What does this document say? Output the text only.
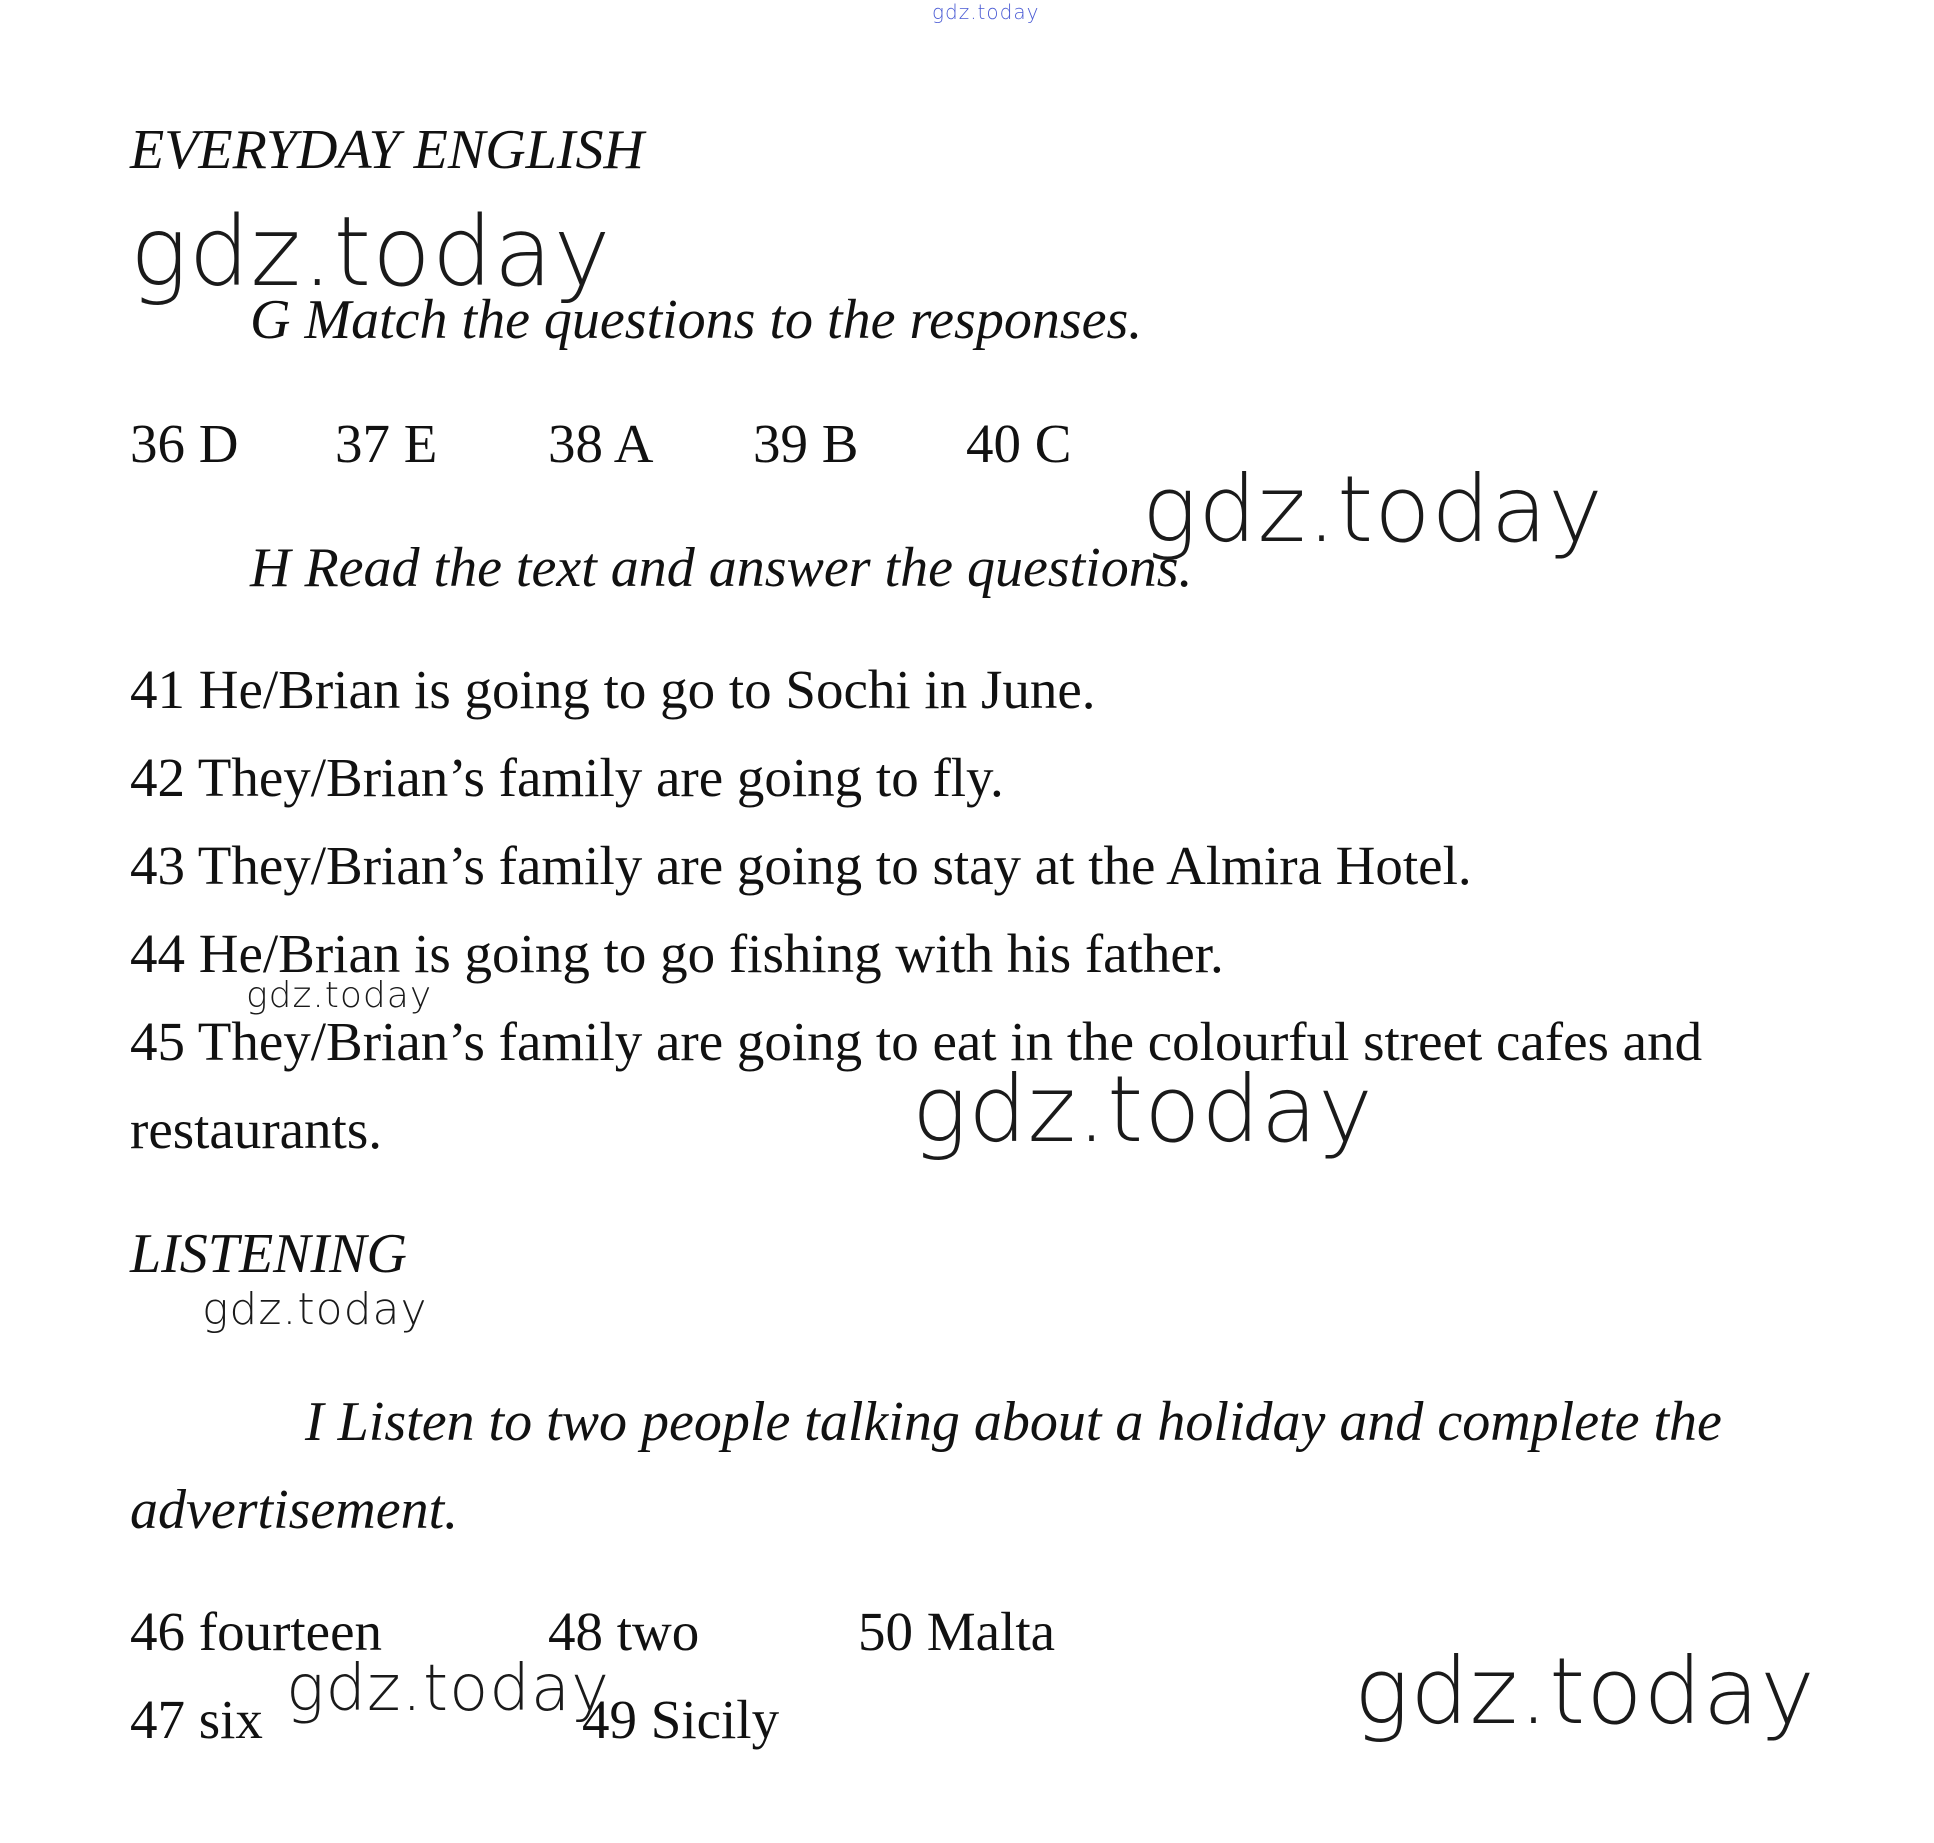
gdz.today
EVERYDAY ENGLISH
gdz.today
G Match the questions to the responses.
36 D 37 E 38 A 39 B 40 C
gdz.today
H Read the text and answer the questions.
41 He/Brian is going to go to Sochi in June.
42 They/Brian’s family are going to fly.
43 They/Brian’s family are going to stay at the Almira Hotel.
44 He/Brian is going to go fishing with his father.
gdz.today
45 They/Brian’s family are going to eat in the colourful street cafes and
restaurants.	gdz.today
LISTENING
gdz.today
I Listen to two people talking about a holiday and complete the
advertisement.
46 fourteen	48 two	50 Malta
47 six	49 Sicily
gdz.today	gdz.today
